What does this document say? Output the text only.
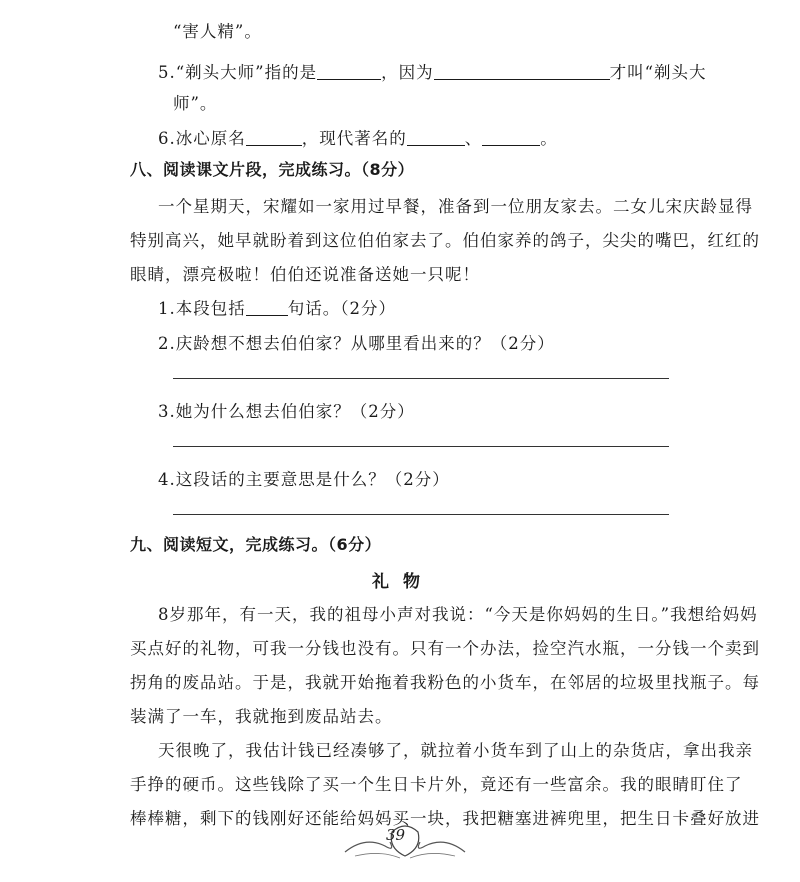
“害人精”。
5.“剃头大师”指的是	，因为	才叫“剃头大
师”。
6.冰心原名	，现代著名的	、	。
八、阅读课文片段，完成练习。（8分）
一个星期天，宋耀如一家用过早餐，准备到一位朋友家去。二女儿宋庆龄显得
特别高兴，她早就盼着到这位伯伯家去了。伯伯家养的鸽子，尖尖的嘴巴，红红的
眼睛，漂亮极啦！伯伯还说准备送她一只呢！
1.本段包括	句话。（2分）
2.庆龄想不想去伯伯家？从哪里看出来的？（2分）
3.她为什么想去伯伯家？（2分）
4.这段话的主要意思是什么？（2分）
九、阅读短文，完成练习。（6分）
礼物
8岁那年，有一天，我的祖母小声对我说：“今天是你妈妈的生日。”我想给妈妈
买点好的礼物，可我一分钱也没有。只有一个办法，捡空汽水瓶，一分钱一个卖到
拐角的废品站。于是，我就开始拖着我粉色的小货车，在邻居的垃圾里找瓶子。每
装满了一车，我就拖到废品站去。
天很晚了，我估计钱已经凑够了，就拉着小货车到了山上的杂货店，拿出我亲
手挣的硬币。这些钱除了买一个生日卡片外，竟还有一些富余。我的眼睛盯住了
棒棒糖，剩下的钱刚好还能给妈妈买一块，我把糖塞进裤兜里，把生日卡叠好放进
39
